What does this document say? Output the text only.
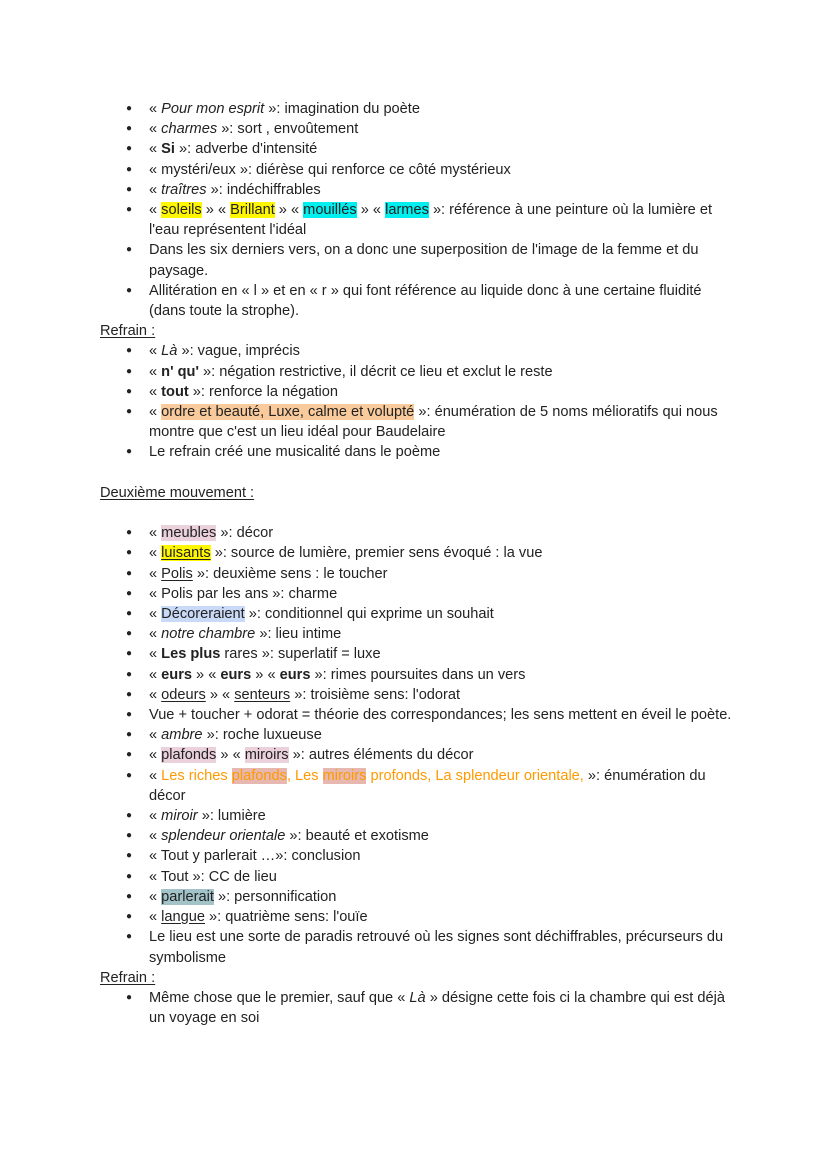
● « Pour mon esprit »: imagination du poète
● « charmes »: sort , envoûtement
● « Si »: adverbe d'intensité
● « mystéri/eux »: diérèse qui renforce ce côté mystérieux
● « traîtres »: indéchiffrables
● « soleils » « Brillant » « mouillés » « larmes »: référence à une peinture où la lumière et l'eau représentent l'idéal
● Dans les six derniers vers, on a donc une superposition de l'image de la femme et du paysage.
● Allitération en « l » et en « r » qui font référence au liquide donc à une certaine fluidité (dans toute la strophe).
Refrain :
● « Là »: vague, imprécis
● « n' qu' »: négation restrictive, il décrit ce lieu et exclut le reste
● « tout »: renforce la négation
● « ordre et beauté, Luxe, calme et volupté »: énumération de 5 noms mélioratifs qui nous montre que c'est un lieu idéal pour Baudelaire
● Le refrain créé une musicalité dans le poème
Deuxième mouvement :
● « meubles »: décor
● « luisants »: source de lumière, premier sens évoqué : la vue
● « Polis »: deuxième sens : le toucher
● « Polis par les ans »: charme
● « Décoreraient »: conditionnel qui exprime un souhait
● « notre chambre »: lieu intime
● « Les plus rares »: superlatif = luxe
● « eurs » « eurs » « eurs »: rimes poursuites dans un vers
● « odeurs » « senteurs »: troisième sens: l'odorat
● Vue + toucher + odorat = théorie des correspondances; les sens mettent en éveil le poète.
● « ambre »: roche luxueuse
● « plafonds » « miroirs »: autres éléments du décor
● « Les riches plafonds, Les miroirs profonds, La splendeur orientale, »: énumération du décor
● « miroir »: lumière
● « splendeur orientale »: beauté et exotisme
● « Tout y parlerait …»: conclusion
● « Tout »: CC de lieu
● « parlerait »: personnification
● « langue »: quatrième sens: l'ouïe
● Le lieu est une sorte de paradis retrouvé où les signes sont déchiffrables, précurseurs du symbolisme
Refrain :
● Même chose que le premier, sauf que « Là » désigne cette fois ci la chambre qui est déjà un voyage en soi
